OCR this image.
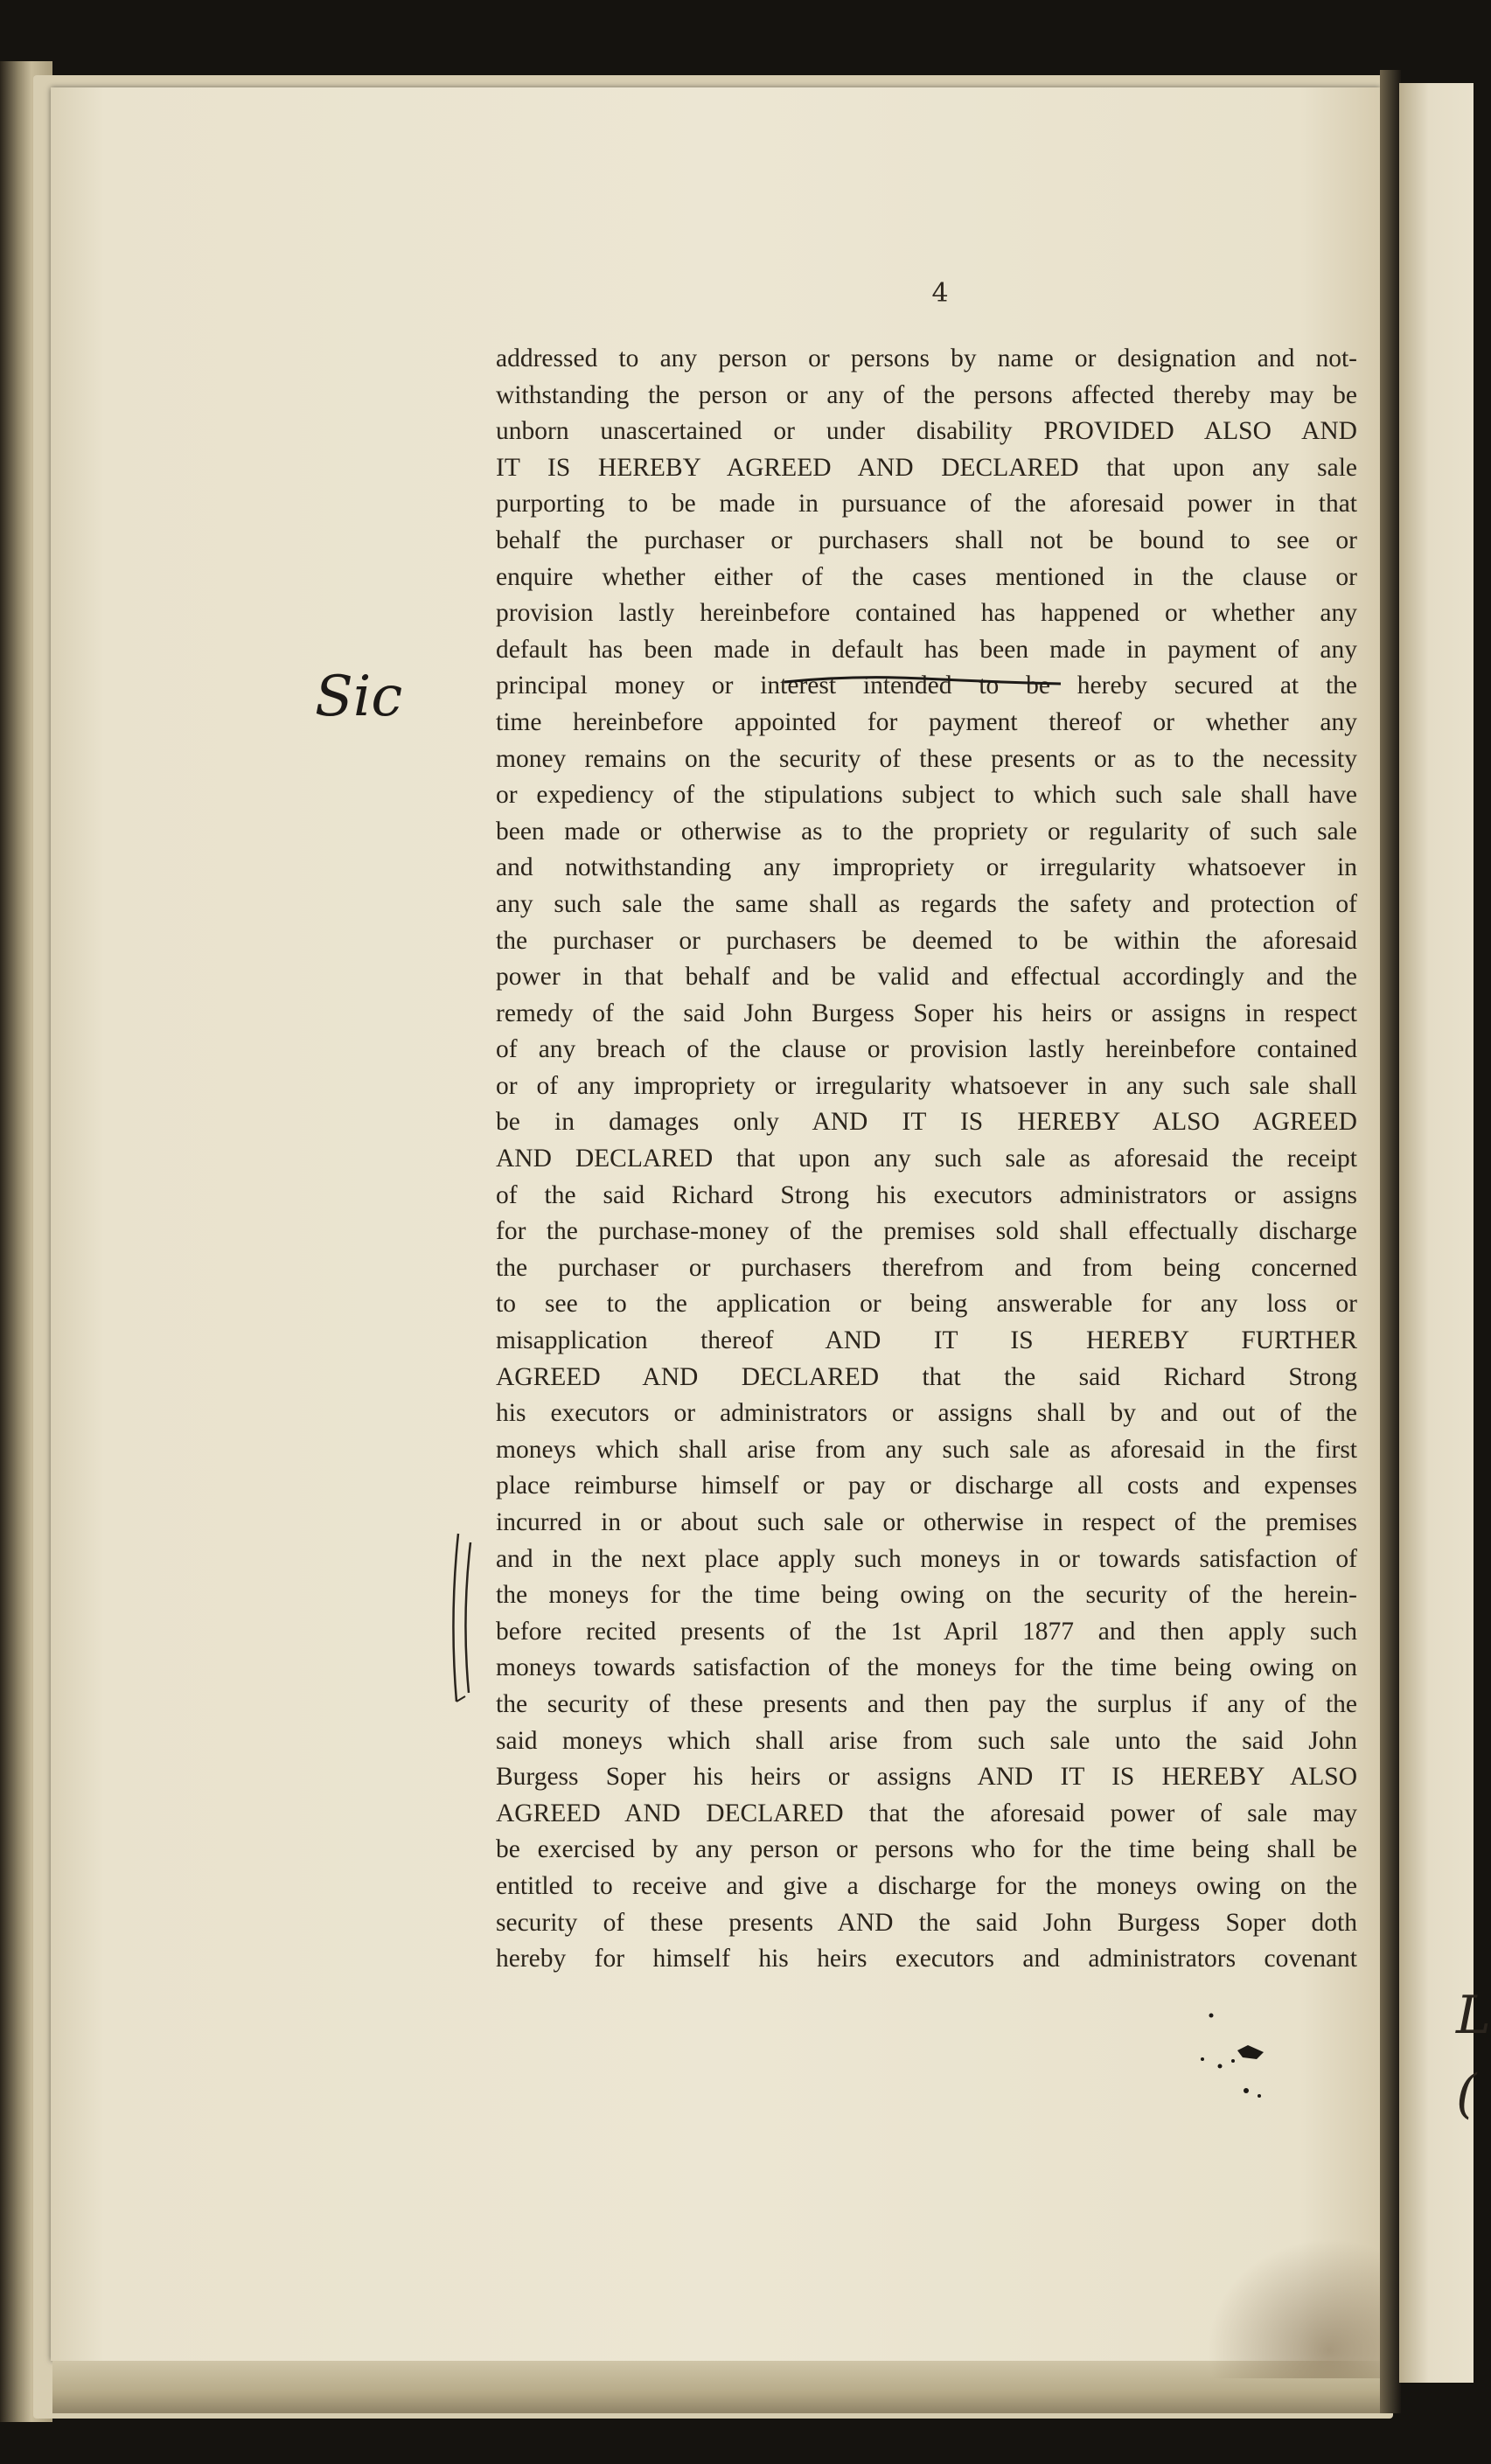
L
(
4
Sic
addressed to any person or persons by name or designation and not-
withstanding the person or any of the persons affected thereby may be
unborn unascertained or under disability PROVIDED ALSO AND
IT IS HEREBY AGREED AND DECLARED that upon any sale
purporting to be made in pursuance of the aforesaid power in that
behalf the purchaser or purchasers shall not be bound to see or
enquire whether either of the cases mentioned in the clause or
provision lastly hereinbefore contained has happened or whether any
default has been made in default has been made in payment of any
principal money or interest intended to be hereby secured at the
time hereinbefore appointed for payment thereof or whether any
money remains on the security of these presents or as to the necessity
or expediency of the stipulations subject to which such sale shall have
been made or otherwise as to the propriety or regularity of such sale
and notwithstanding any impropriety or irregularity whatsoever in
any such sale the same shall as regards the safety and protection of
the purchaser or purchasers be deemed to be within the aforesaid
power in that behalf and be valid and effectual accordingly and the
remedy of the said John Burgess Soper his heirs or assigns in respect
of any breach of the clause or provision lastly hereinbefore contained
or of any impropriety or irregularity whatsoever in any such sale shall
be in damages only AND IT IS HEREBY ALSO AGREED
AND DECLARED that upon any such sale as aforesaid the receipt
of the said Richard Strong his executors administrators or assigns
for the purchase-money of the premises sold shall effectually discharge
the purchaser or purchasers therefrom and from being concerned
to see to the application or being answerable for any loss or
misapplication thereof AND IT IS HEREBY FURTHER
AGREED AND DECLARED that the said Richard Strong
his executors or administrators or assigns shall by and out of the
moneys which shall arise from any such sale as aforesaid in the first
place reimburse himself or pay or discharge all costs and expenses
incurred in or about such sale or otherwise in respect of the premises
and in the next place apply such moneys in or towards satisfaction of
the moneys for the time being owing on the security of the herein-
before recited presents of the 1st April 1877 and then apply such
moneys towards satisfaction of the moneys for the time being owing on
the security of these presents and then pay the surplus if any of the
said moneys which shall arise from such sale unto the said John
Burgess Soper his heirs or assigns AND IT IS HEREBY ALSO
AGREED AND DECLARED that the aforesaid power of sale may
be exercised by any person or persons who for the time being shall be
entitled to receive and give a discharge for the moneys owing on the
security of these presents AND the said John Burgess Soper doth
hereby for himself his heirs executors and administrators covenant
